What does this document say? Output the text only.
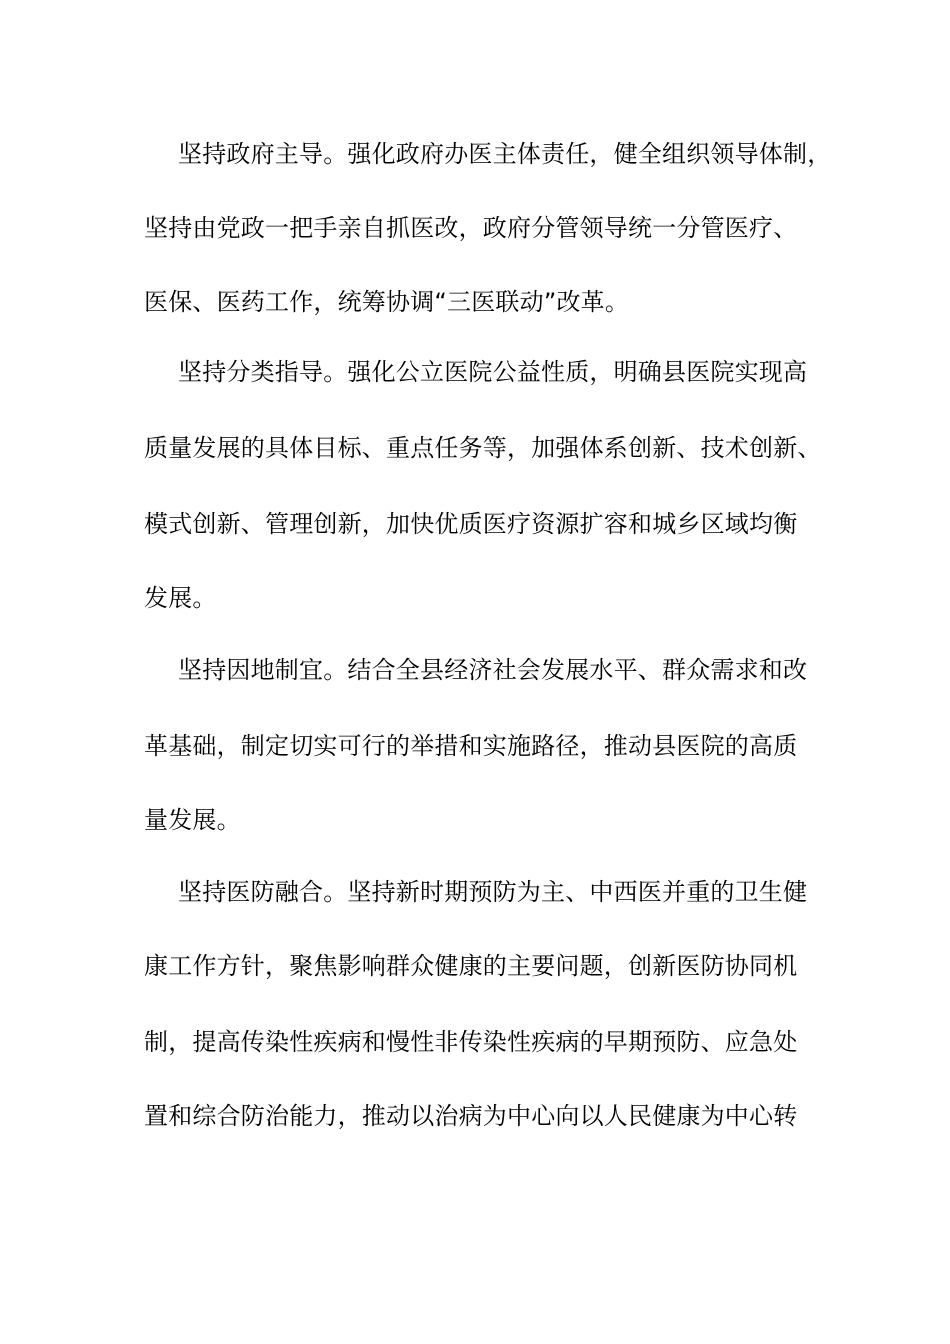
坚持政府主导。强化政府办医主体责任，健全组织领导体制，
坚持由党政一把手亲自抓医改，政府分管领导统一分管医疗、
医保、医药工作，统筹协调“三医联动”改革。
坚持分类指导。强化公立医院公益性质，明确县医院实现高
质量发展的具体目标、重点任务等，加强体系创新、技术创新、
模式创新、管理创新，加快优质医疗资源扩容和城乡区域均衡
发展。
坚持因地制宜。结合全县经济社会发展水平、群众需求和改
革基础，制定切实可行的举措和实施路径，推动县医院的高质
量发展。
坚持医防融合。坚持新时期预防为主、中西医并重的卫生健
康工作方针，聚焦影响群众健康的主要问题，创新医防协同机
制，提高传染性疾病和慢性非传染性疾病的早期预防、应急处
置和综合防治能力，推动以治病为中心向以人民健康为中心转
